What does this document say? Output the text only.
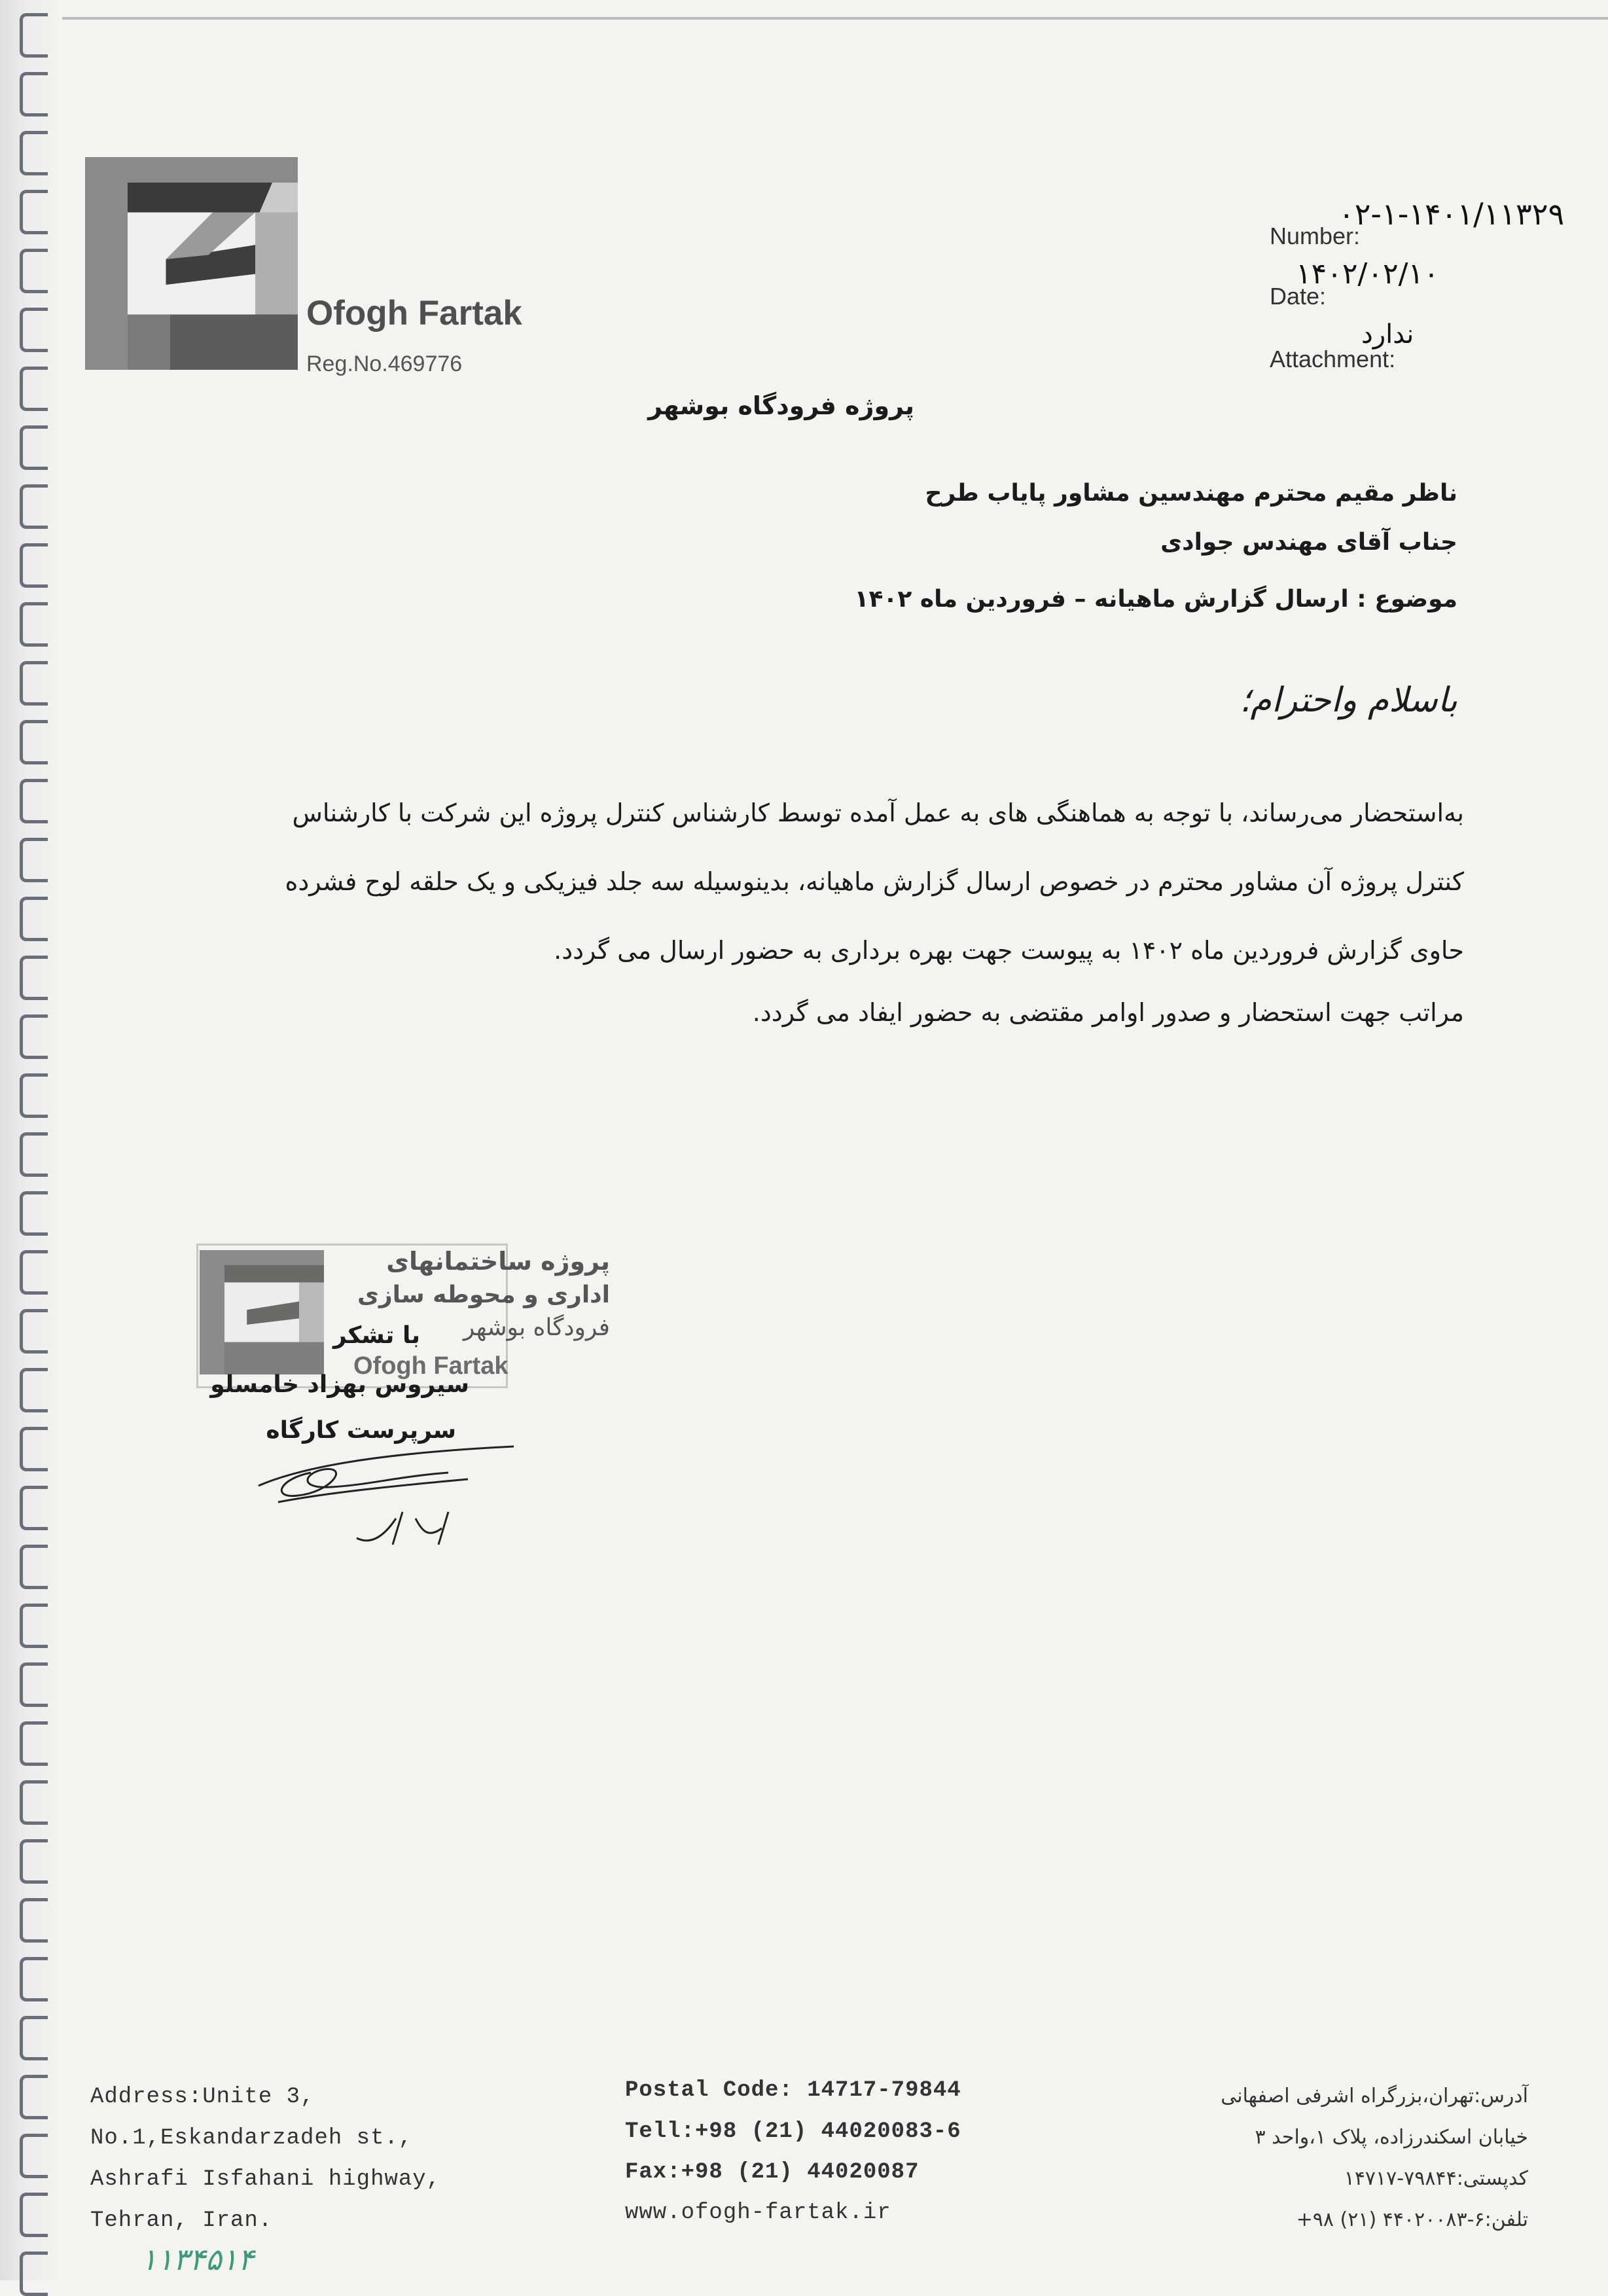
Ofogh Fartak
Reg.No.469776
۰۲-۱-۱۴۰۱/۱۱۳۲۹
Number:
۱۴۰۲/۰۲/۱۰
Date:
ندارد
Attachment:
پروژه فرودگاه بوشهر
ناظر مقیم محترم مهندسین مشاور پایاب طرح
جناب آقای مهندس جوادی
موضوع : ارسال گزارش ماهیانه – فروردین ماه ۱۴۰۲
باسلام واحترام؛

به‌استحضار می‌رساند، با توجه به هماهنگی های به عمل آمده توسط کارشناس کنترل پروژه این شرکت با کارشناس

کنترل پروژه آن مشاور محترم در خصوص ارسال گزارش ماهیانه، بدینوسیله سه جلد فیزیکی و یک حلقه لوح فشرده

حاوی گزارش فروردین ماه ۱۴۰۲ به پیوست جهت بهره برداری به حضور ارسال می گردد.

مراتب جهت استحضار و صدور اوامر مقتضی به حضور ایفاد می گردد.

پروژه ساختمانهای
اداری و محوطه سازی
فرودگاه بوشهر
Ofogh Fartak
با تشکر
سیروس بهزاد خامسلو
سرپرست کارگاه
Address:Unite 3,
No.1,Eskandarzadeh st.,
Ashrafi Isfahani highway,
Tehran, Iran.
Postal Code: 14717-79844
Tell:+98 (21) 44020083-6
Fax:+98 (21) 44020087
www.ofogh-fartak.ir
آدرس:تهران،بزرگراه اشرفی اصفهانی
خیابان اسکندرزاده، پلاک ۱،واحد ۳
کدپستی:۷۹۸۴۴-۱۴۷۱۷
تلفن:۶-۴۴۰۲۰۰۸۳ (۲۱) ۹۸+
۱۱۳۴۵۱۴
